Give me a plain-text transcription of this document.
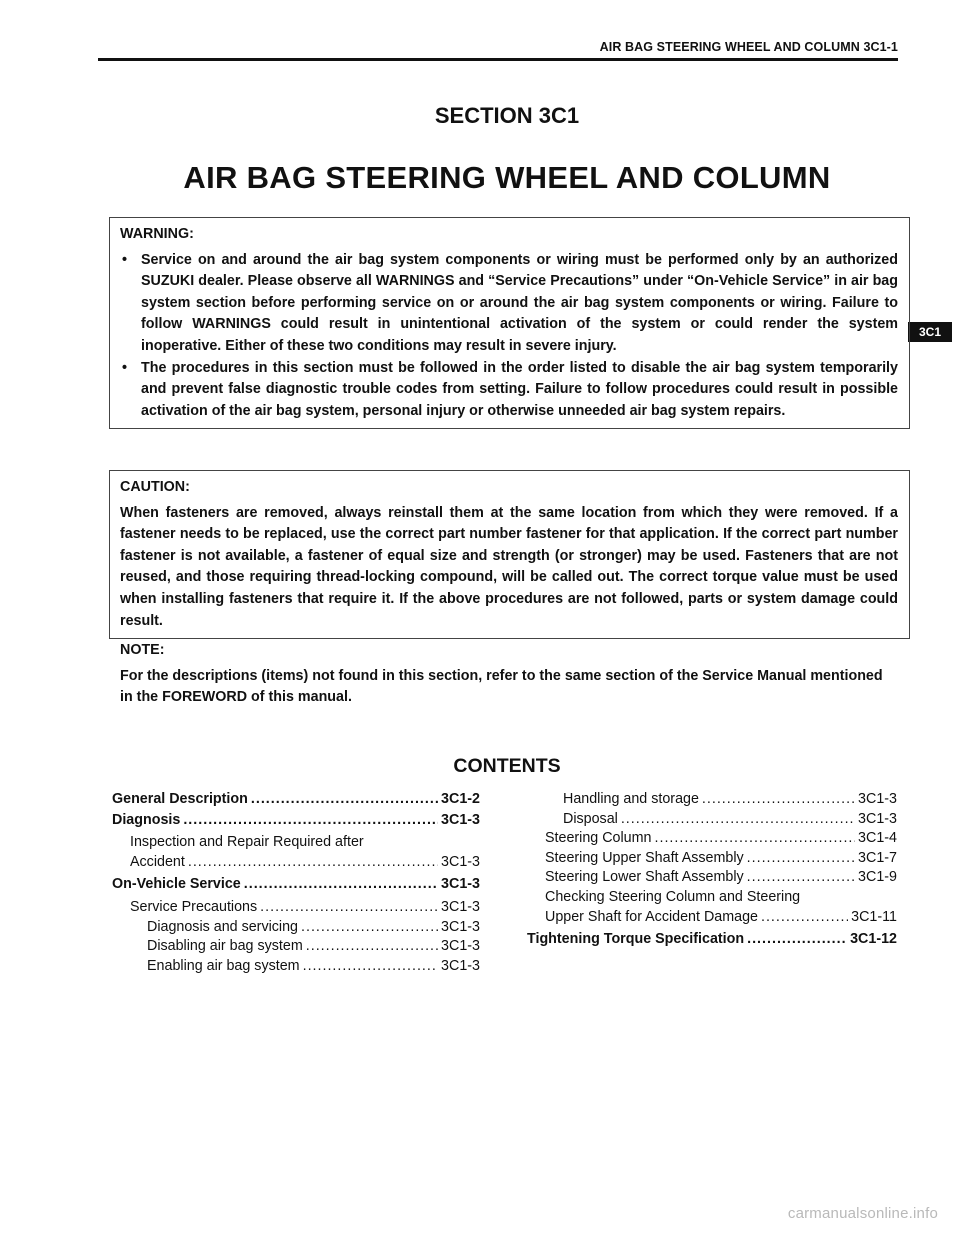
AIR BAG STEERING WHEEL AND COLUMN 3C1-1
3C1
SECTION 3C1
AIR BAG STEERING WHEEL AND COLUMN
WARNING:
• Service on and around the air bag system components or wiring must be performed only by an authorized SUZUKI dealer. Please observe all WARNINGS and “Service Precautions” under “On-Vehicle Service” in air bag system section before performing service on or around the air bag system components or wiring. Failure to follow WARNINGS could result in unintentional activation of the system or could render the system inoperative. Either of these two conditions may result in severe injury.
• The procedures in this section must be followed in the order listed to disable the air bag system temporarily and prevent false diagnostic trouble codes from setting. Failure to follow procedures could result in possible activation of the air bag system, personal injury or otherwise unneeded air bag system repairs.
CAUTION:
When fasteners are removed, always reinstall them at the same location from which they were removed. If a fastener needs to be replaced, use the correct part number fastener for that application. If the correct part number fastener is not available, a fastener of equal size and strength (or stronger) may be used. Fasteners that are not reused, and those requiring thread-locking compound, will be called out. The correct torque value must be used when installing fasteners that require it. If the above procedures are not followed, parts or system damage could result.
NOTE:
For the descriptions (items) not found in this section, refer to the same section of the Service Manual mentioned in the FOREWORD of this manual.
CONTENTS
General Description .....	3C1-2
Diagnosis .....	3C1-3
Inspection and Repair Required after
Accident .....	3C1-3
On-Vehicle Service .....	3C1-3
Service Precautions .....	3C1-3
Diagnosis and servicing .....	3C1-3
Disabling air bag system .....	3C1-3
Enabling air bag system .....	3C1-3
Handling and storage .....	3C1-3
Disposal .....	3C1-3
Steering Column .....	3C1-4
Steering Upper Shaft Assembly .....	3C1-7
Steering Lower Shaft Assembly .....	3C1-9
Checking Steering Column and Steering
Upper Shaft for Accident Damage .....	3C1-11
Tightening Torque Specification .....	3C1-12
carmanualsonline.info
